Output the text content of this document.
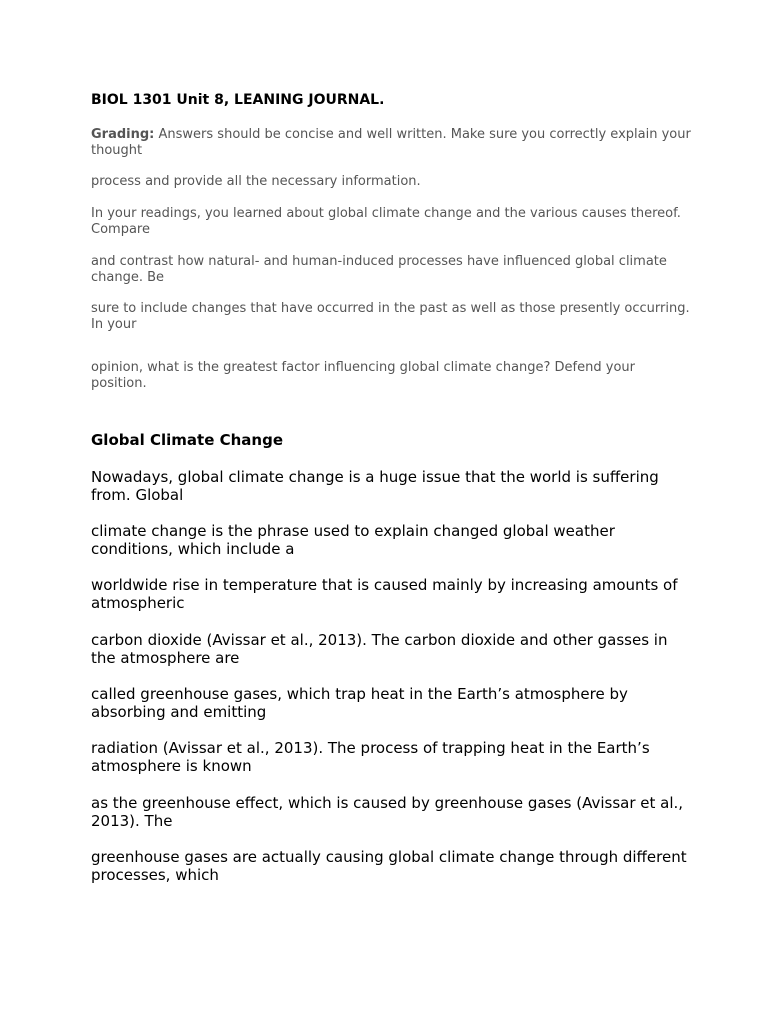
BIOL 1301 Unit 8, LEANING JOURNAL.

Grading: Answers should be concise and well written. Make sure you correctly explain your thought

process and provide all the necessary information.

In your readings, you learned about global climate change and the various causes thereof. Compare

and contrast how natural- and human-induced processes have influenced global climate change. Be

sure to include changes that have occurred in the past as well as those presently occurring. In your

opinion, what is the greatest factor influencing global climate change? Defend your position.

Global Climate Change

Nowadays, global climate change is a huge issue that the world is suffering from. Global

climate change is the phrase used to explain changed global weather conditions, which include a

worldwide rise in temperature that is caused mainly by increasing amounts of atmospheric

carbon dioxide (Avissar et al., 2013). The carbon dioxide and other gasses in the atmosphere are

called greenhouse gases, which trap heat in the Earth’s atmosphere by absorbing and emitting

radiation (Avissar et al., 2013). The process of trapping heat in the Earth’s atmosphere is known

as the greenhouse effect, which is caused by greenhouse gases (Avissar et al., 2013). The

greenhouse gases are actually causing global climate change through different processes, which
